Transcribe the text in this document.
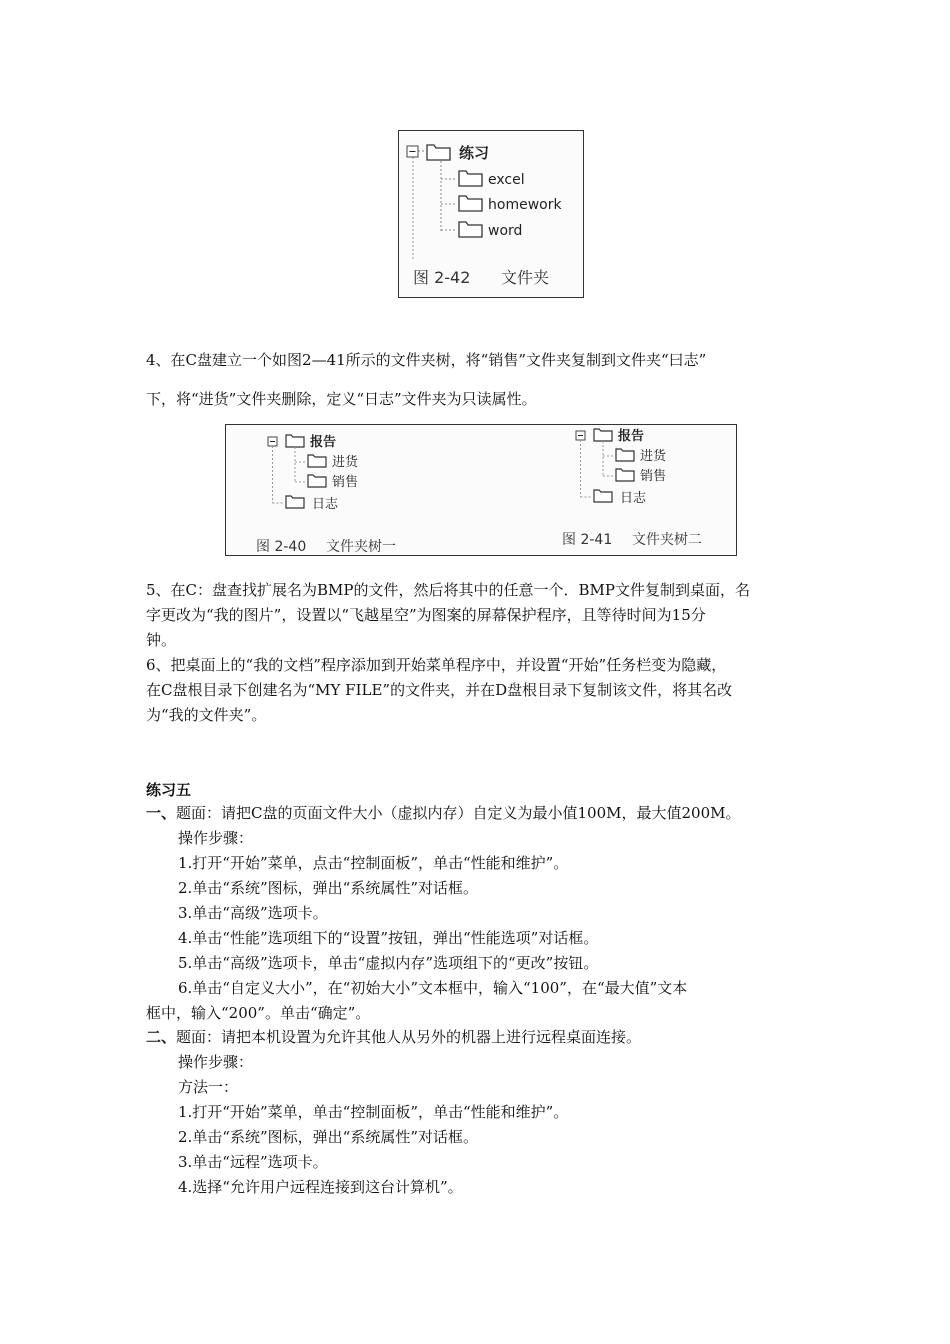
练习
excel
homework
word
图 2-42 文件夹

4、在C盘建立一个如图2—41所示的文件夹树，将“销售”文件夹复制到文件夹“曰志”

下，将“进货”文件夹删除，定义“日志”文件夹为只读属性。

报告
进货
销售
日志
图 2-40 文件夹树一
报告
进货
销售
日志
图 2-41 文件夹树二

5、在C：盘查找扩展名为BMP的文件，然后将其中的任意一个．BMP文件复制到桌面，名

字更改为“我的图片”，设置以“飞越星空”为图案的屏幕保护程序，且等待时间为15分

钟。

6、把桌面上的“我的文档”程序添加到开始菜单程序中，并设置“开始”任务栏变为隐藏，

在C盘根目录下创建名为“MY FILE”的文件夹，并在D盘根目录下复制该文件，将其名改

为“我的文件夹”。

练习五

一、题面：请把C盘的页面文件大小（虚拟内存）自定义为最小值100M，最大值200M。

操作步骤：

1.打开“开始”菜单，点击“控制面板”，单击“性能和维护”。

2.单击“系统”图标，弹出“系统属性”对话框。

3.单击“高级”选项卡。

4.单击“性能”选项组下的“设置”按钮，弹出“性能选项”对话框。

5.单击“高级”选项卡，单击“虚拟内存”选项组下的“更改”按钮。

6.单击“自定义大小”，在“初始大小”文本框中，输入“100”，在“最大值”文本

框中，输入“200”。单击“确定”。

二、题面：请把本机设置为允许其他人从另外的机器上进行远程桌面连接。

操作步骤：

方法一：

1.打开“开始”菜单，单击“控制面板”，单击“性能和维护”。

2.单击“系统”图标，弹出“系统属性”对话框。

3.单击“远程”选项卡。

4.选择“允许用户远程连接到这台计算机”。
